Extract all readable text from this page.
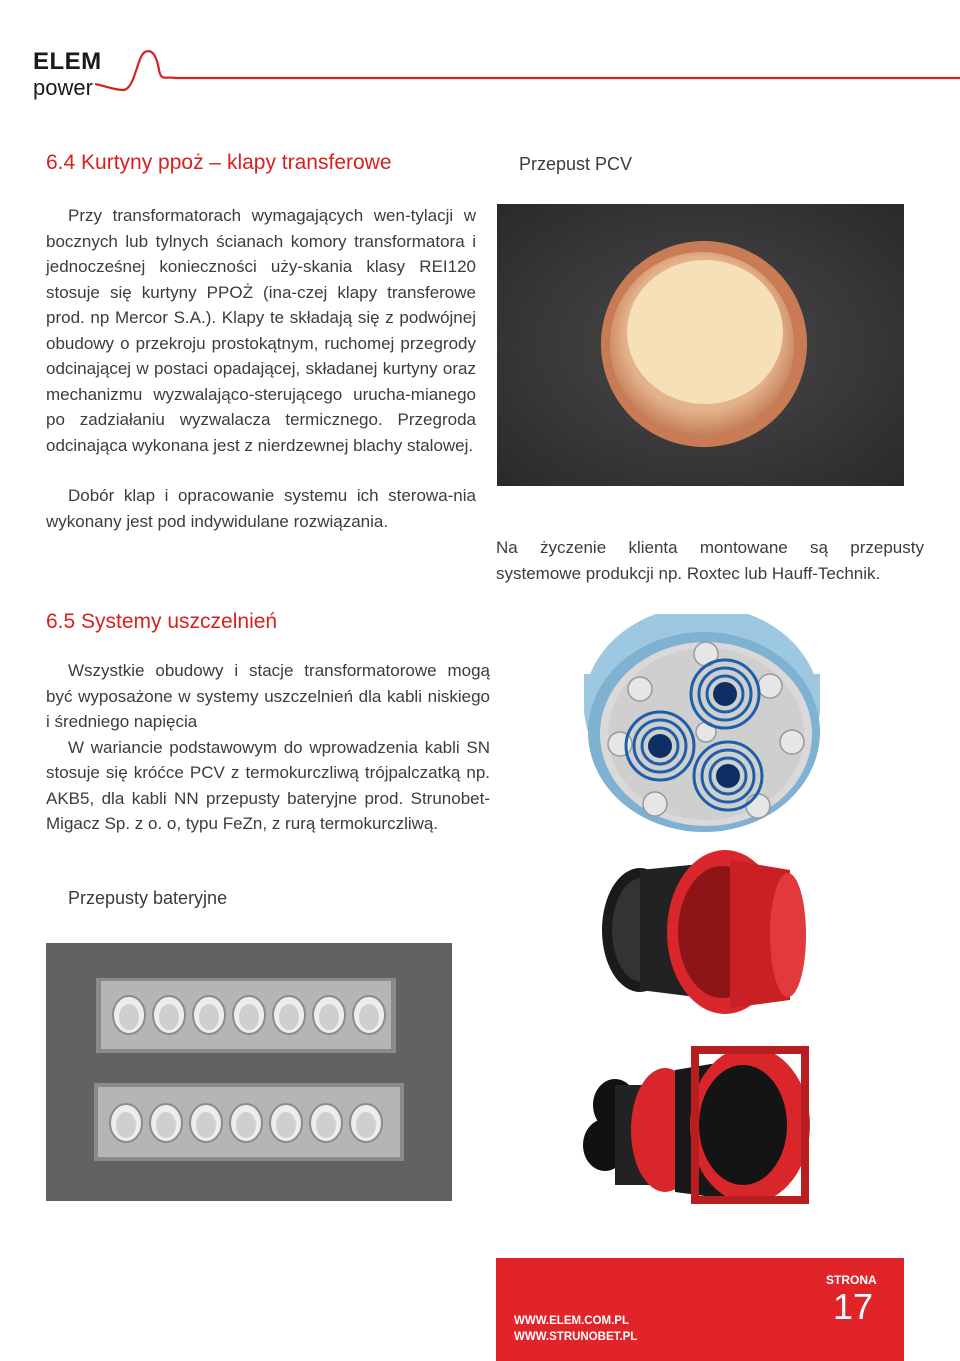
ELEM
power
6.4 Kurtyny ppoż – klapy transferowe

Przy transformatorach wymagających wen-tylacji w bocznych lub tylnych ścianach komory transformatora i jednocześnej konieczności uży-skania klasy REI120 stosuje się kurtyny PPOŻ (ina-czej klapy transferowe prod. np Mercor S.A.). Klapy te składają się z podwójnej obudowy o przekroju prostokątnym, ruchomej przegrody odcinającej w postaci opadającej, składanej kurtyny oraz mechanizmu wyzwalająco-sterującego urucha-mianego po zadziałaniu wyzwalacza termicznego. Przegroda odcinająca wykonana jest z nierdzewnej blachy stalowej.

Dobór klap i opracowanie systemu ich sterowa-nia wykonany jest pod indywidulane rozwiązania.

Przepust PCV
Na życzenie klienta montowane są przepusty systemowe produkcji np. Roxtec lub Hauff-Technik.
6.5 Systemy uszczelnień

Wszystkie obudowy i stacje transformatorowe mogą być wyposażone w systemy uszczelnień dla kabli niskiego i średniego napięcia

W wariancie podstawowym do wprowadzenia kabli SN stosuje się króćce PCV z termokurczliwą trójpalczatką np. AKB5, dla kabli NN przepusty bateryjne prod. Strunobet-Migacz Sp. z o. o, typu FeZn, z rurą termokurczliwą.

Przepusty bateryjne
STRONA
17
WWW.ELEM.COM.PL
WWW.STRUNOBET.PL
